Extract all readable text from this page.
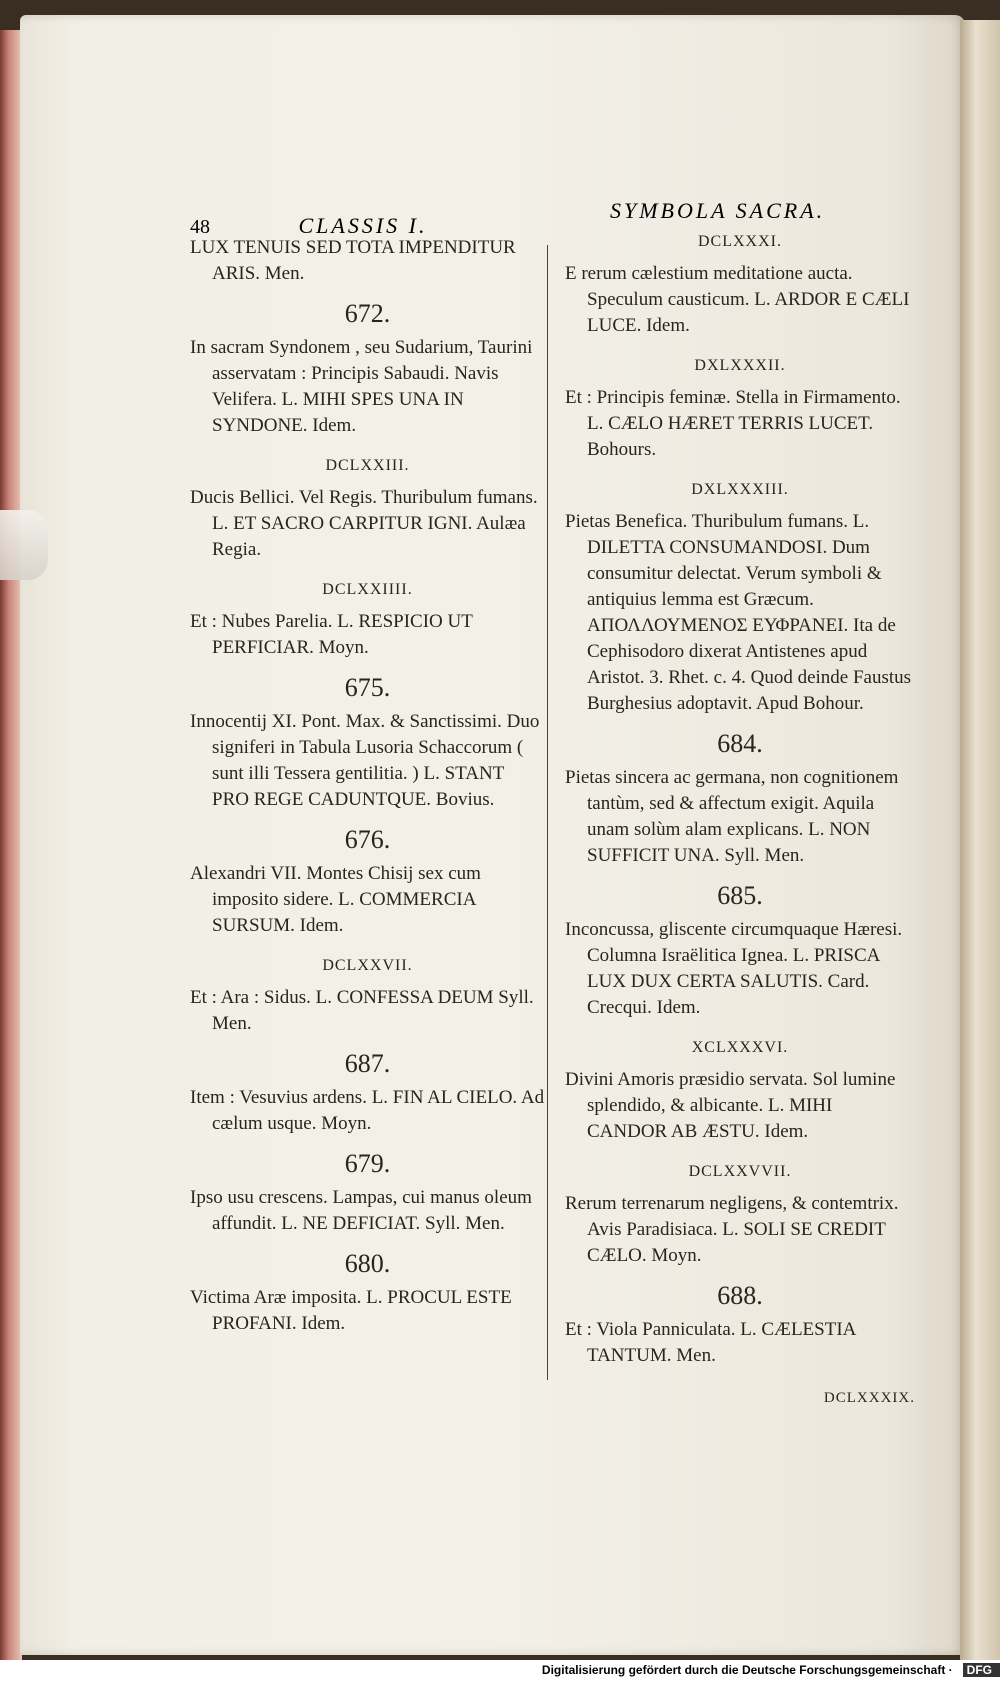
48	CLASSIS I.
SYMBOLA SACRA.
LUX TENUIS SED TOTA IMPENDITUR ARIS. Men.
672.
In sacram Syndonem , seu Sudarium, Taurini asservatam : Principis Sabaudi. Navis Velifera. L. MIHI SPES UNA IN SYNDONE. Idem.
DCLXXIII.
Ducis Bellici. Vel Regis. Thuribulum fumans. L. ET SACRO CARPITUR IGNI. Aulæa Regia.
DCLXXIIII.
Et : Nubes Parelia. L. RESPICIO UT PERFICIAR. Moyn.
675.
Innocentij XI. Pont. Max. & Sanctissimi. Duo signiferi in Tabula Lusoria Schaccorum ( sunt illi Tessera gentilitia. ) L. STANT PRO REGE CADUNTQUE. Bovius.
676.
Alexandri VII. Montes Chisij sex cum imposito sidere. L. COMMERCIA SURSUM. Idem.
DCLXXVII.
Et : Ara : Sidus. L. CONFESSA DEUM Syll. Men.
687.
Item : Vesuvius ardens. L. FIN AL CIELO. Ad cælum usque. Moyn.
679.
Ipso usu crescens. Lampas, cui manus oleum affundit. L. NE DEFICIAT. Syll. Men.
680.
Victima Aræ imposita. L. PROCUL ESTE PROFANI. Idem.
DCLXXXI.
E rerum cælestium meditatione aucta. Speculum causticum. L. ARDOR E CÆLI LUCE. Idem.
DXLXXXII.
Et : Principis feminæ. Stella in Firmamento. L. CÆLO HÆRET TERRIS LUCET. Bohours.
DXLXXXIII.
Pietas Benefica. Thuribulum fumans. L. DILETTA CONSUMANDOSI. Dum consumitur delectat. Verum symboli & antiquius lemma est Græcum. ΑΠΟΛΛΟΥΜΕΝΟΣ ΕΥΦΡΑΝΕΙ. Ita de Cephisodoro dixerat Antistenes apud Aristot. 3. Rhet. c. 4. Quod deinde Faustus Burghesius adoptavit. Apud Bohour.
684.
Pietas sincera ac germana, non cognitionem tantùm, sed & affectum exigit. Aquila unam solùm alam explicans. L. NON SUFFICIT UNA. Syll. Men.
685.
Inconcussa, gliscente circumquaque Hæresi. Columna Israëlitica Ignea. L. PRISCA LUX DUX CERTA SALUTIS. Card. Crecqui. Idem.
XCLXXXVI.
Divini Amoris præsidio servata. Sol lumine splendido, & albicante. L. MIHI CANDOR AB ÆSTU. Idem.
DCLXXVVII.
Rerum terrenarum negligens, & contemtrix. Avis Paradisiaca. L. SOLI SE CREDIT CÆLO. Moyn.
688.
Et : Viola Panniculata. L. CÆLESTIA TANTUM. Men.
DCLXXXIX.
Digitalisierung gefördert durch die Deutsche Forschungsgemeinschaft · DFG
